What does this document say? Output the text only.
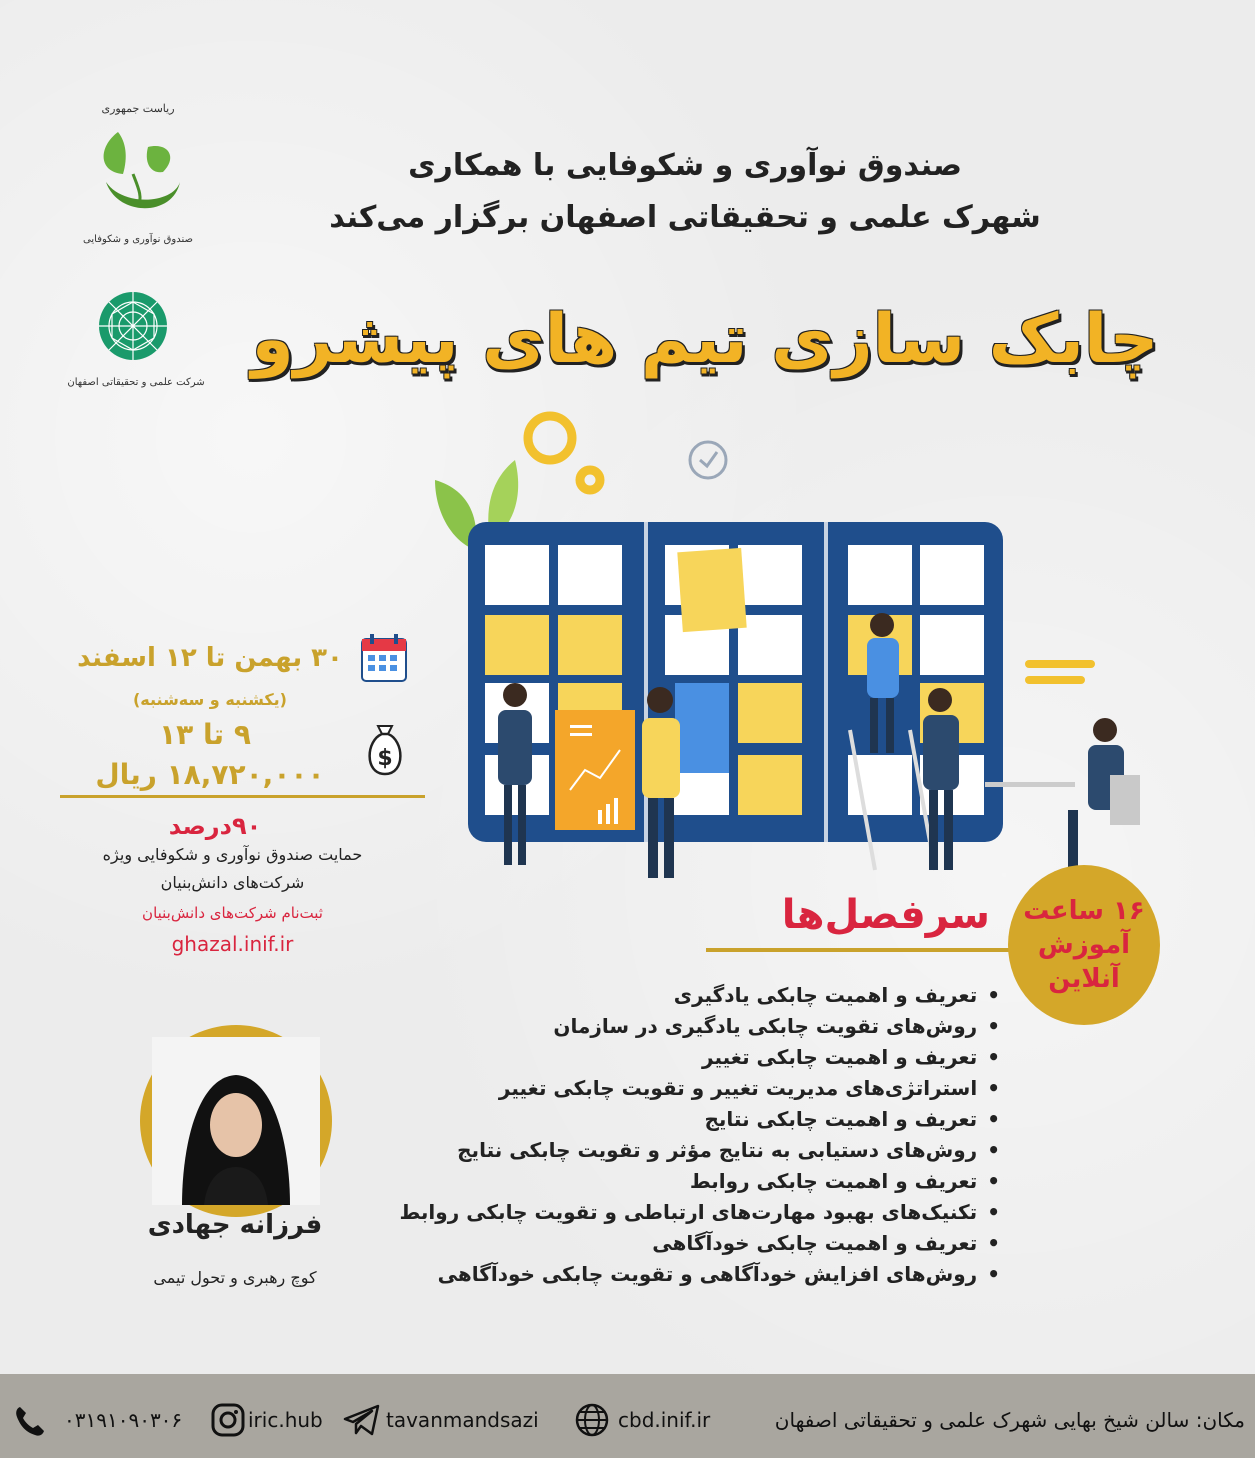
ریاست جمهوری
صندوق نوآوری و شکوفایی
شرکت علمی و تحقیقاتی اصفهان
صندوق نوآوری و شکوفایی با همکاری
شهرک علمی و تحقیقاتی اصفهان برگزار می‌کند
چابک سازی تیم های پیشرو
۳۰ بهمن تا ۱۲ اسفند
(یکشنبه و سه‌شنبه)
$
۹ تا ۱۳
۱۸,۷۲۰,۰۰۰ ریال
۹۰درصد
حمایت صندوق نوآوری و شکوفایی ویژه
شرکت‌های دانش‌بنیان
ثبت‌نام شرکت‌های دانش‌بنیان
ghazal.inif.ir
سرفصل‌ها
• تعریف و اهمیت چابکی یادگیری
• روش‌های تقویت چابکی یادگیری در سازمان
• تعریف و اهمیت چابکی تغییر
• استراتژی‌های مدیریت تغییر و تقویت چابکی تغییر
• تعریف و اهمیت چابکی نتایج
• روش‌های دستیابی به نتایج مؤثر و تقویت چابکی نتایج
• تعریف و اهمیت چابکی روابط
• تکنیک‌های بهبود مهارت‌های ارتباطی و تقویت چابکی روابط
• تعریف و اهمیت چابکی خودآگاهی
• روش‌های افزایش خودآگاهی و تقویت چابکی خودآگاهی
۱۶ ساعت
آموزش
آنلاین
فرزانه جهادی
کوچ رهبری و تحول تیمی
۰۳۱۹۱۰۹۰۳۰۶	iric.hub	tavanmandsazi	cbd.inif.ir	مکان: سالن شیخ بهایی شهرک علمی و تحقیقاتی اصفهان
